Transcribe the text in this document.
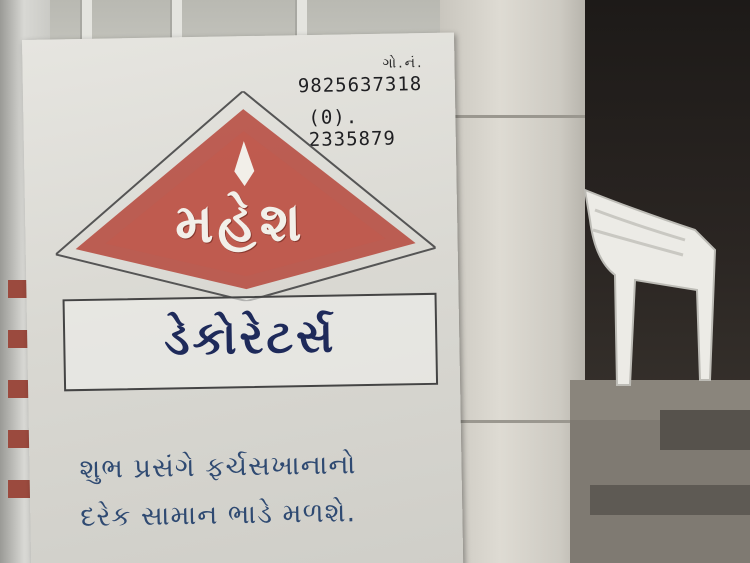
ગો.નં.
9825637318
(0). 2335879
મહેશ
ડેકોરેટર્સ
શુભ પ્રસંગે ફર્ચસખાનાનો
દરેક સામાન ભાડે મળશે.
